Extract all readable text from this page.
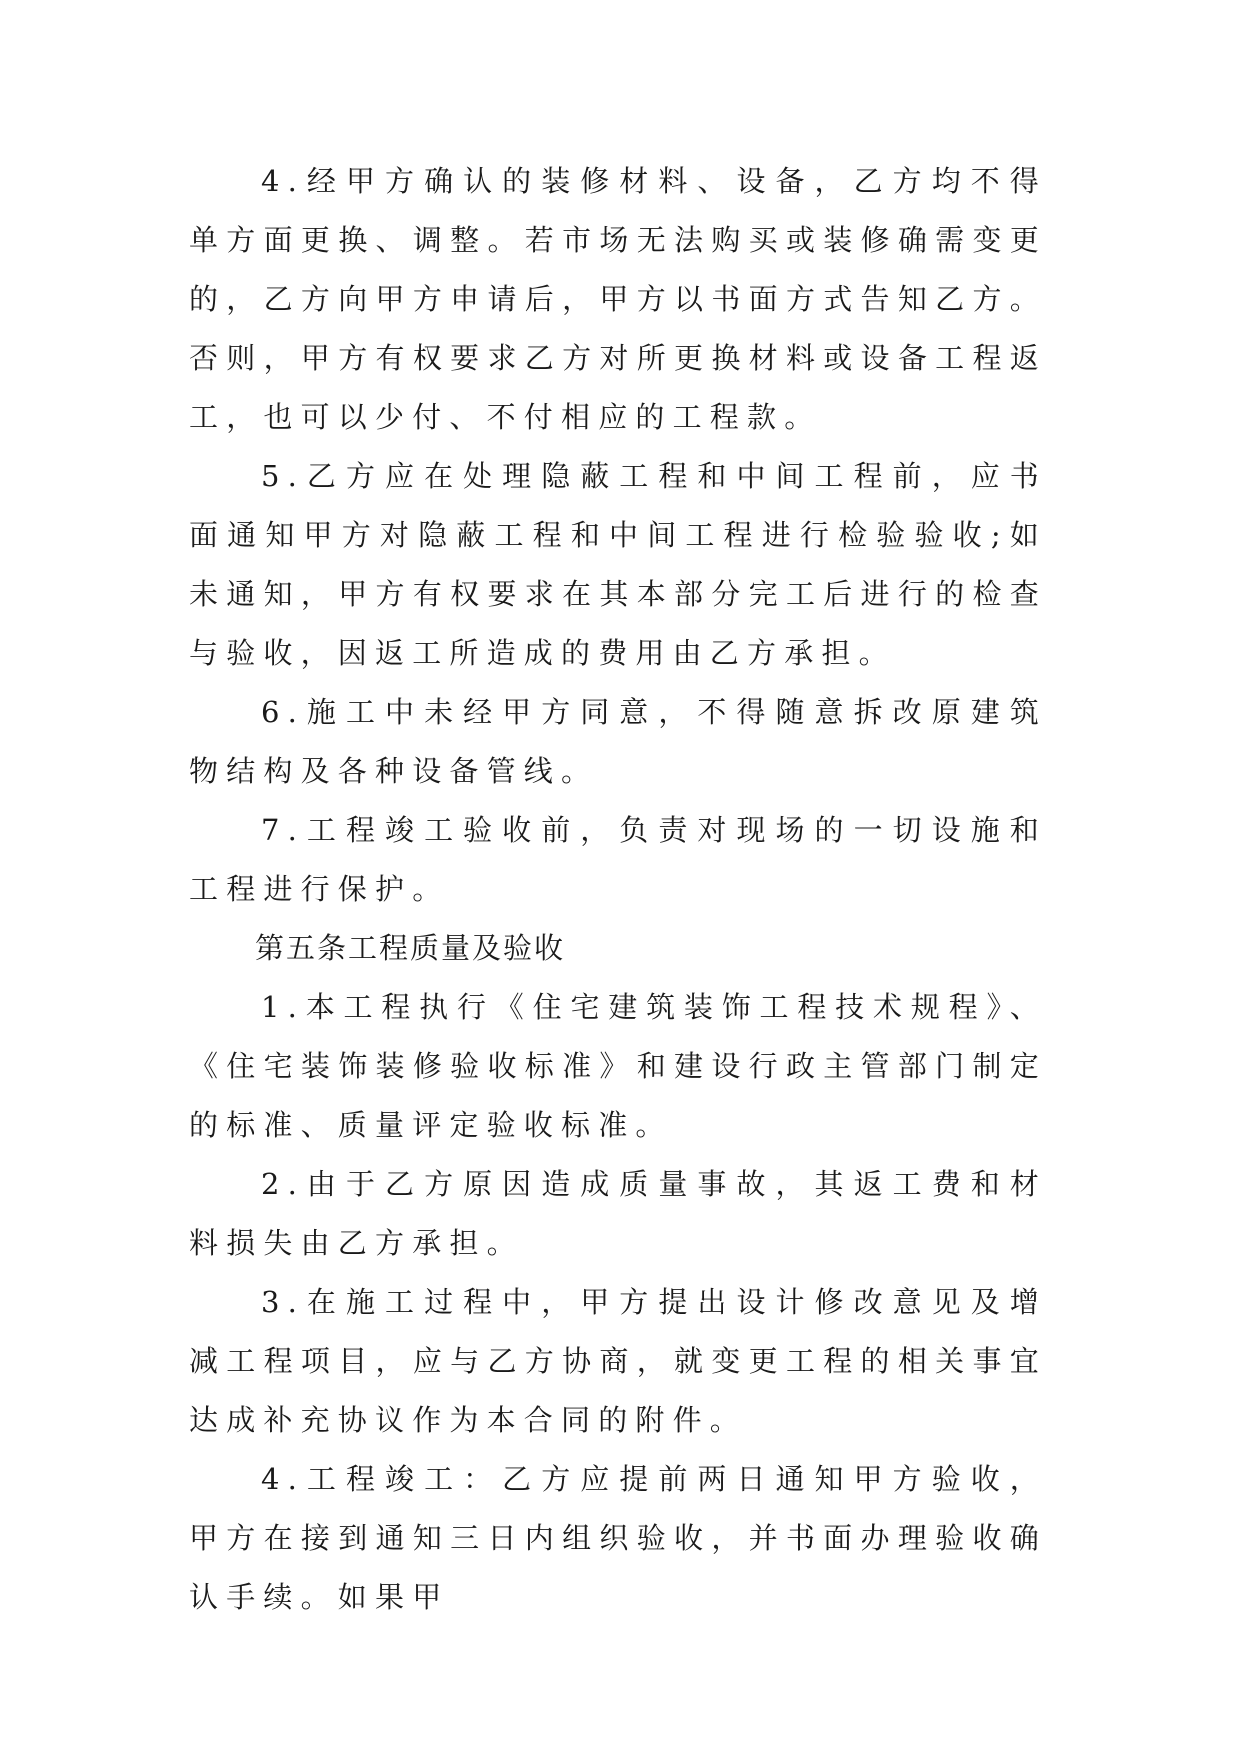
4.经甲方确认的装修材料、设备，乙方均不得单方面更换、调整。若市场无法购买或装修确需变更的，乙方向甲方申请后，甲方以书面方式告知乙方。否则，甲方有权要求乙方对所更换材料或设备工程返工，也可以少付、不付相应的工程款。

5.乙方应在处理隐蔽工程和中间工程前，应书面通知甲方对隐蔽工程和中间工程进行检验验收;如未通知，甲方有权要求在其本部分完工后进行的检查与验收，因返工所造成的费用由乙方承担。

6.施工中未经甲方同意，不得随意拆改原建筑物结构及各种设备管线。

7.工程竣工验收前，负责对现场的一切设施和工程进行保护。

第五条工程质量及验收

1.本工程执行《住宅建筑装饰工程技术规程》、《住宅装饰装修验收标准》和建设行政主管部门制定的标准、质量评定验收标准。

2.由于乙方原因造成质量事故，其返工费和材料损失由乙方承担。

3.在施工过程中，甲方提出设计修改意见及增减工程项目，应与乙方协商，就变更工程的相关事宜达成补充协议作为本合同的附件。

4.工程竣工：乙方应提前两日通知甲方验收，甲方在接到通知三日内组织验收，并书面办理验收确认手续。如果甲
